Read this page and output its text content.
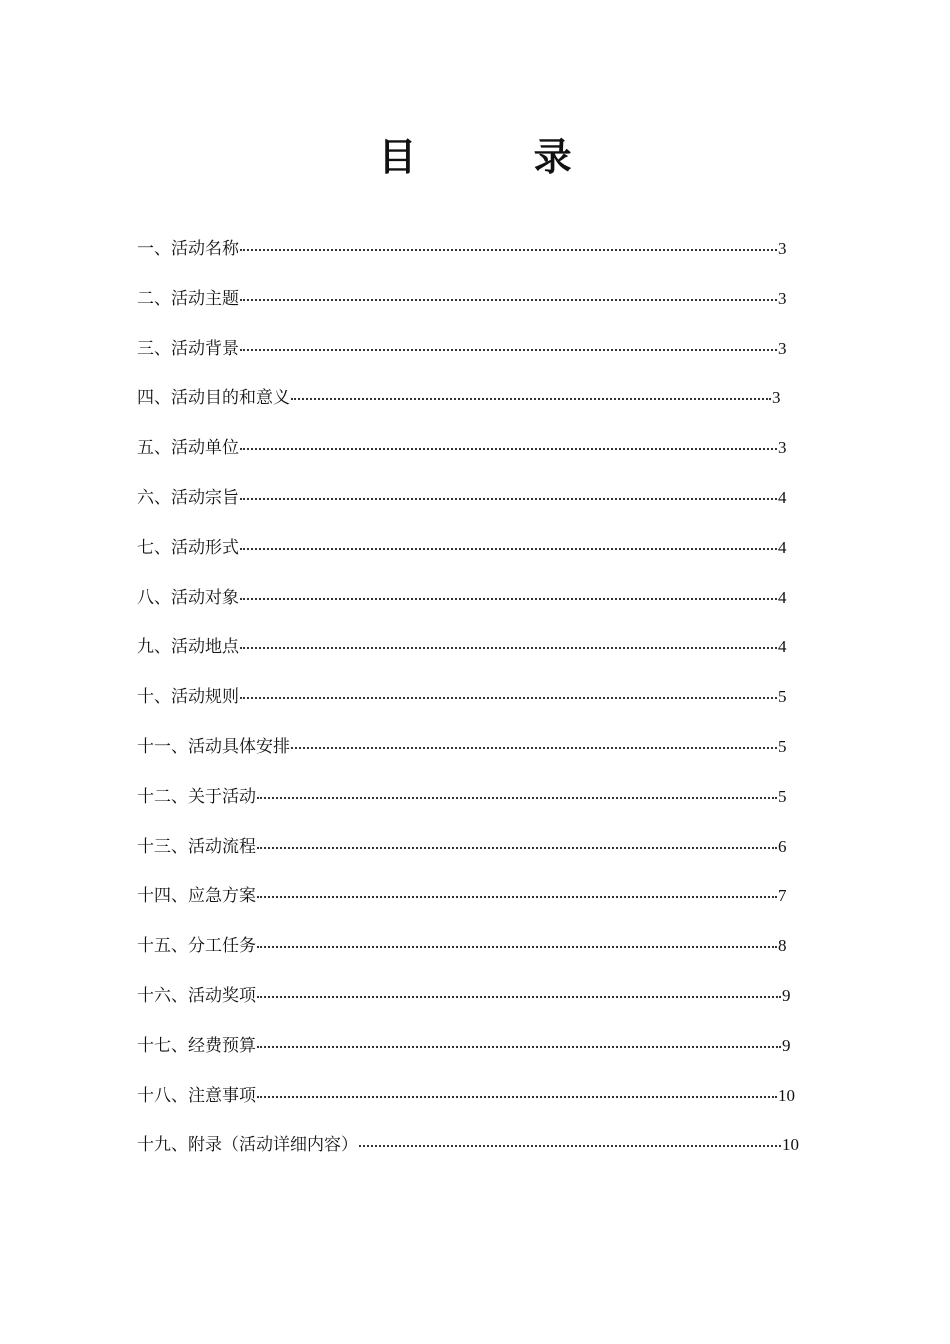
目 录
一、活动名称	3
二、活动主题	3
三、活动背景	3
四、活动目的和意义	3
五、活动单位	3
六、活动宗旨	4
七、活动形式	4
八、活动对象	4
九、活动地点	4
十、活动规则	5
十一、活动具体安排	5
十二、关于活动	5
十三、活动流程	6
十四、应急方案	7
十五、分工任务	8
十六、活动奖项	9
十七、经费预算	9
十八、注意事项	10
十九、附录（活动详细内容）	10
